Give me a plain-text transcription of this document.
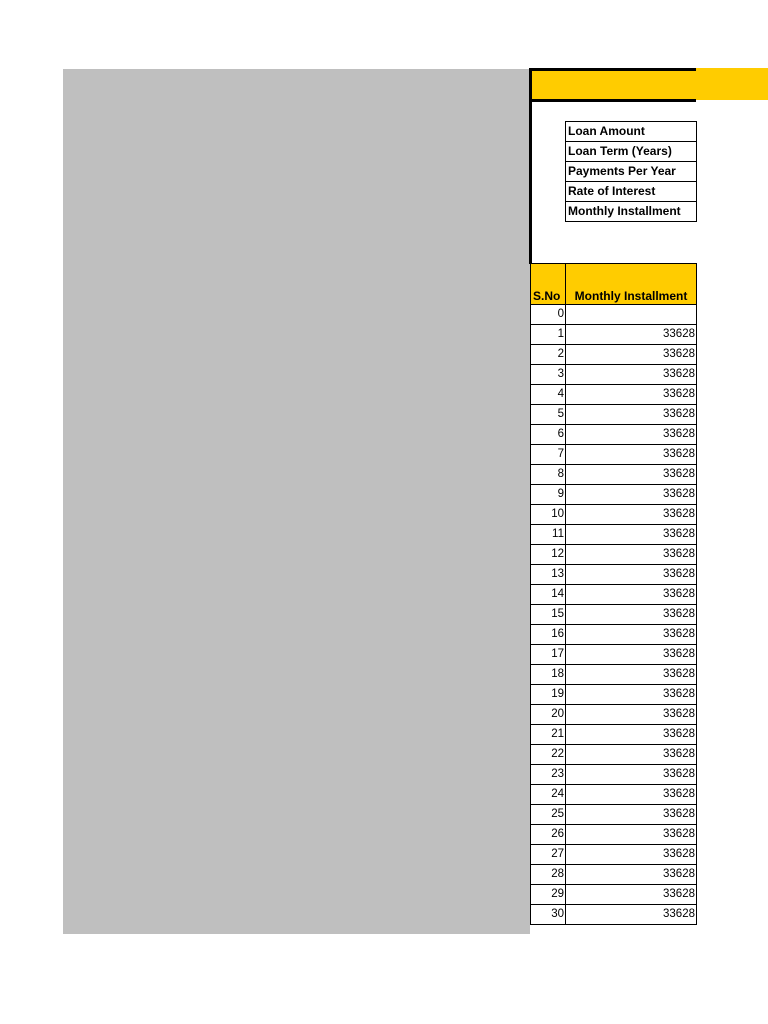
Loan Amount
Loan Term (Years)
Payments Per Year
Rate of Interest
Monthly Installment
S.No	Monthly Installment
0	
1	33628
2	33628
3	33628
4	33628
5	33628
6	33628
7	33628
8	33628
9	33628
10	33628
11	33628
12	33628
13	33628
14	33628
15	33628
16	33628
17	33628
18	33628
19	33628
20	33628
21	33628
22	33628
23	33628
24	33628
25	33628
26	33628
27	33628
28	33628
29	33628
30	33628
